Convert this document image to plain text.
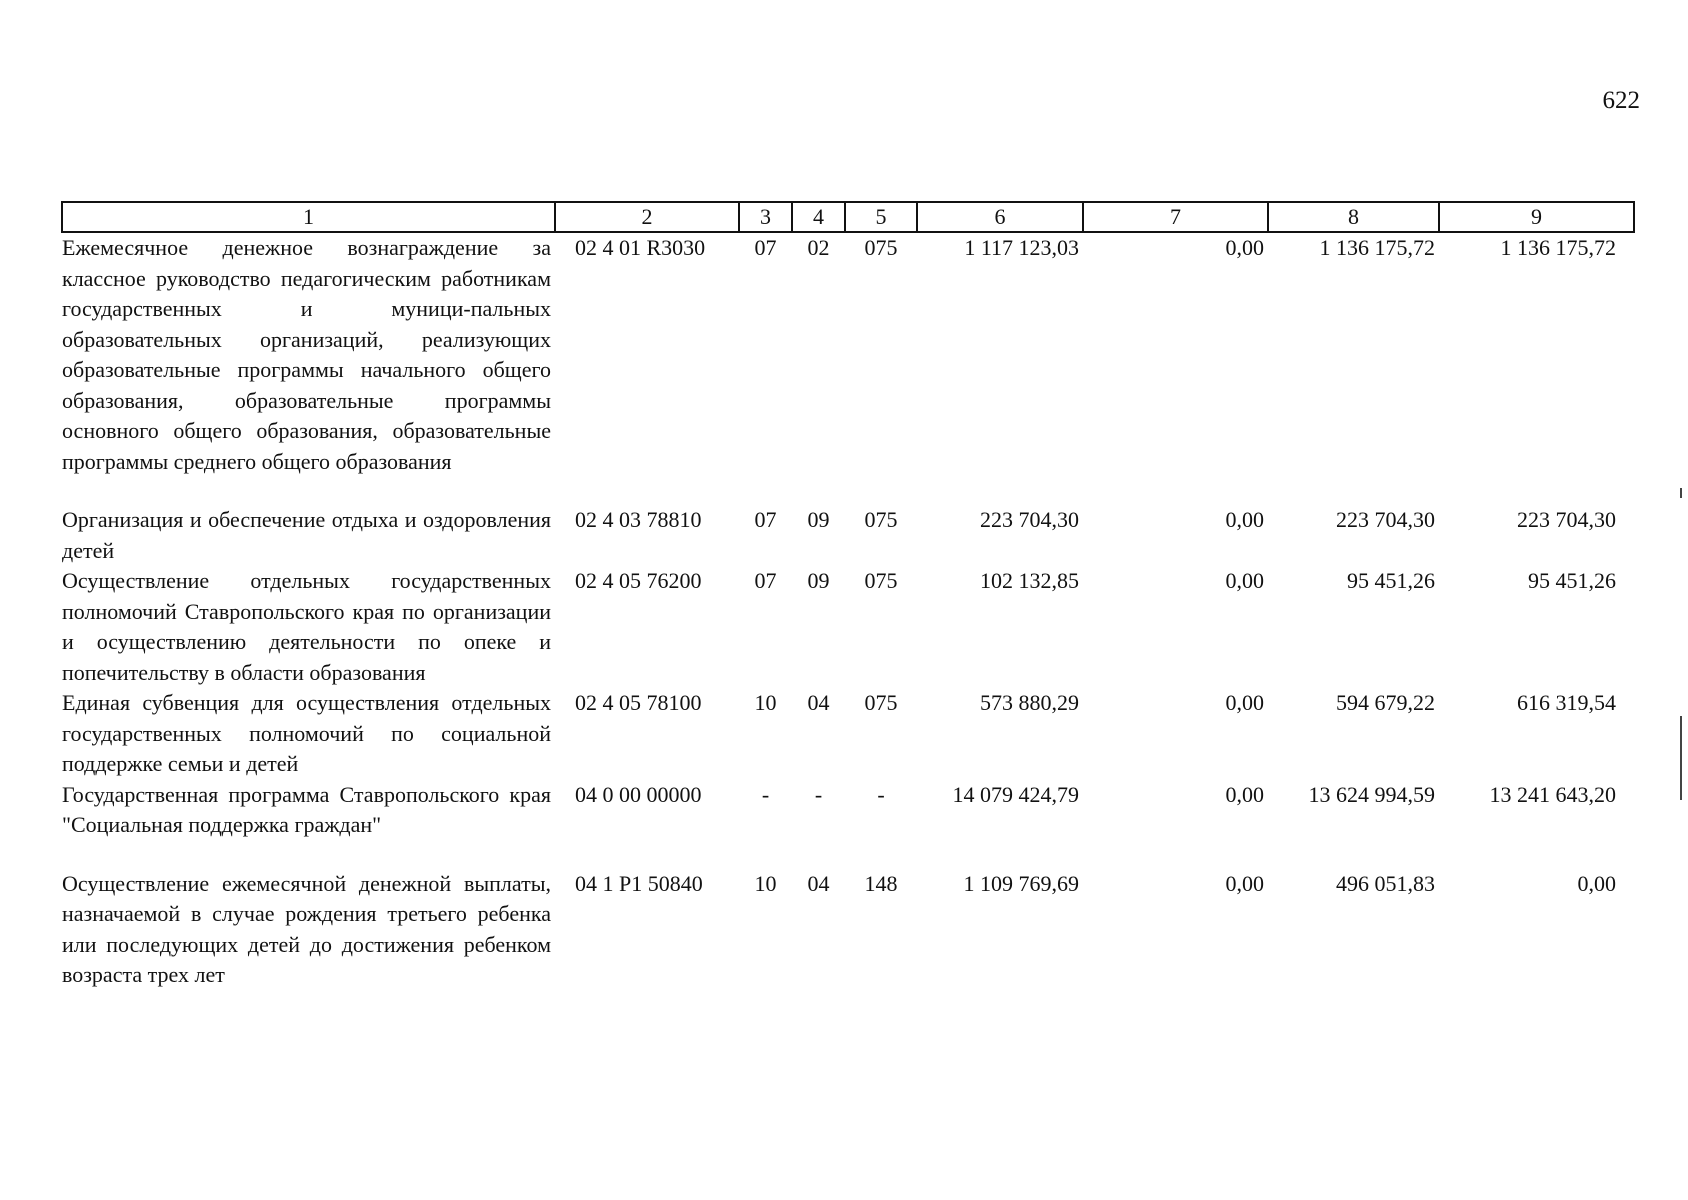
622
1	2	3	4	5	6	7	8	9
Ежемесячное денежное вознаграждение за классное руководство педагогическим работникам государственных и муници-пальных образовательных организаций, реализующих образовательные программы начального общего образования, образовательные программы основного общего образования, образовательные программы среднего общего образования	02 4 01 R3030	07	02	075	1 117 123,03	0,00	1 136 175,72	1 136 175,72
Организация и обеспечение отдыха и оздоровления детей	02 4 03 78810	07	09	075	223 704,30	0,00	223 704,30	223 704,30
Осуществление отдельных государственных полномочий Ставропольского края по организации и осуществлению деятельности по опеке и попечительству в области образования	02 4 05 76200	07	09	075	102 132,85	0,00	95 451,26	95 451,26
Единая субвенция для осуществления отдельных государственных полномочий по социальной поддержке семьи и детей	02 4 05 78100	10	04	075	573 880,29	0,00	594 679,22	616 319,54
Государственная программа Ставропольского края "Социальная поддержка граждан"	04 0 00 00000	-	-	-	14 079 424,79	0,00	13 624 994,59	13 241 643,20
Осуществление ежемесячной денежной выплаты, назначаемой в случае рождения третьего ребенка или последующих детей до достижения ребенком возраста трех лет	04 1 P1 50840	10	04	148	1 109 769,69	0,00	496 051,83	0,00
